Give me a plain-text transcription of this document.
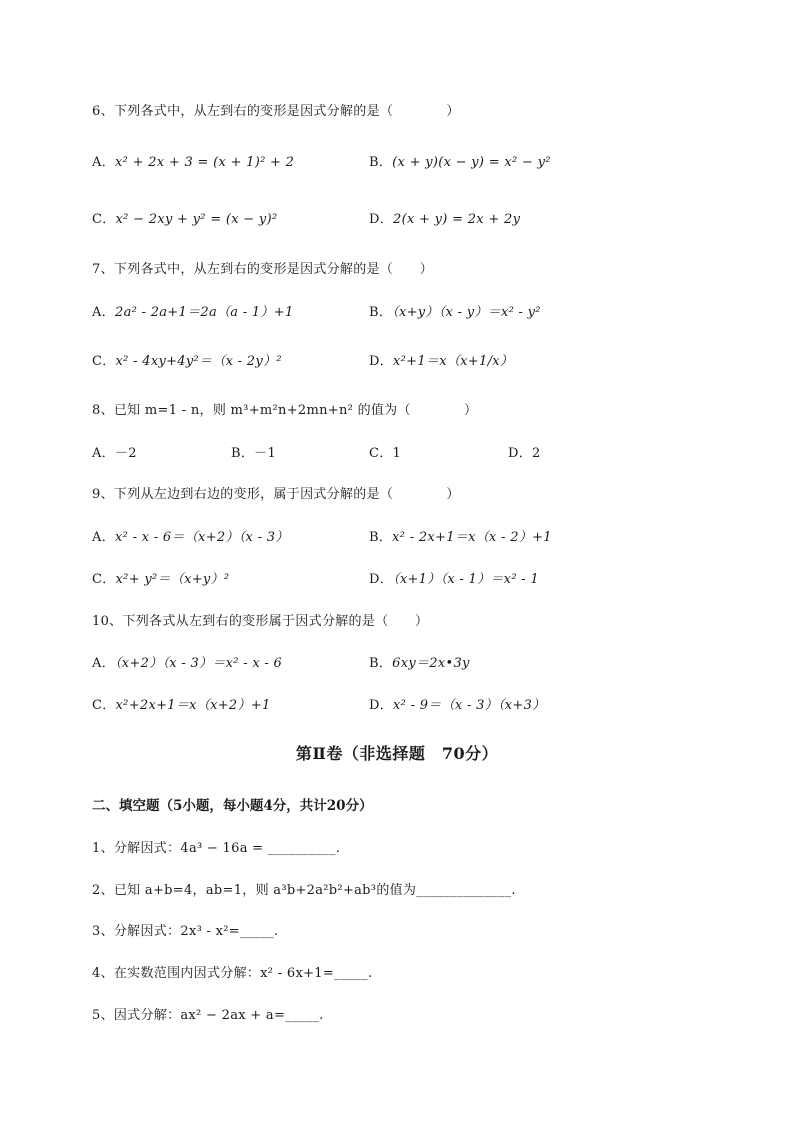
6、下列各式中，从左到右的变形是因式分解的是（　　　　）
A．x² + 2x + 3 = (x + 1)² + 2	B．(x + y)(x − y) = x² − y²
C．x² − 2xy + y² = (x − y)²	D．2(x + y) = 2x + 2y
7、下列各式中，从左到右的变形是因式分解的是（　　）
A．2a² - 2a+1＝2a（a - 1）+1	B．（x+y）（x - y）＝x² - y²
C．x² - 4xy+4y²＝（x - 2y）²	D．x²+1＝x（x+1/x）
8、已知 m=1 - n，则 m³+m²n+2mn+n² 的值为（　　　　）
A．－2	B．－1	C．1	D．2
9、下列从左边到右边的变形，属于因式分解的是（　　　　）
A．x² - x - 6＝（x+2）（x - 3）	B．x² - 2x+1＝x（x - 2）+1
C．x²+ y²＝（x+y）²	D．（x+1）（x - 1）＝x² - 1
10、下列各式从左到右的变形属于因式分解的是（　　）
A．（x+2）（x - 3）＝x² - x - 6	B．6xy＝2x•3y
C．x²+2x+1＝x（x+2）+1	D．x² - 9＝（x - 3）（x+3）
第Ⅱ卷（非选择题　70分）
二、填空题（5小题，每小题4分，共计20分）
1、分解因式：4a³ − 16a = __________.
2、已知 a+b=4，ab=1，则 a³b+2a²b²+ab³的值为______________.
3、分解因式：2x³ - x²=_____.
4、在实数范围内因式分解：x² - 6x+1=_____.
5、因式分解：ax² − 2ax + a=_____.
